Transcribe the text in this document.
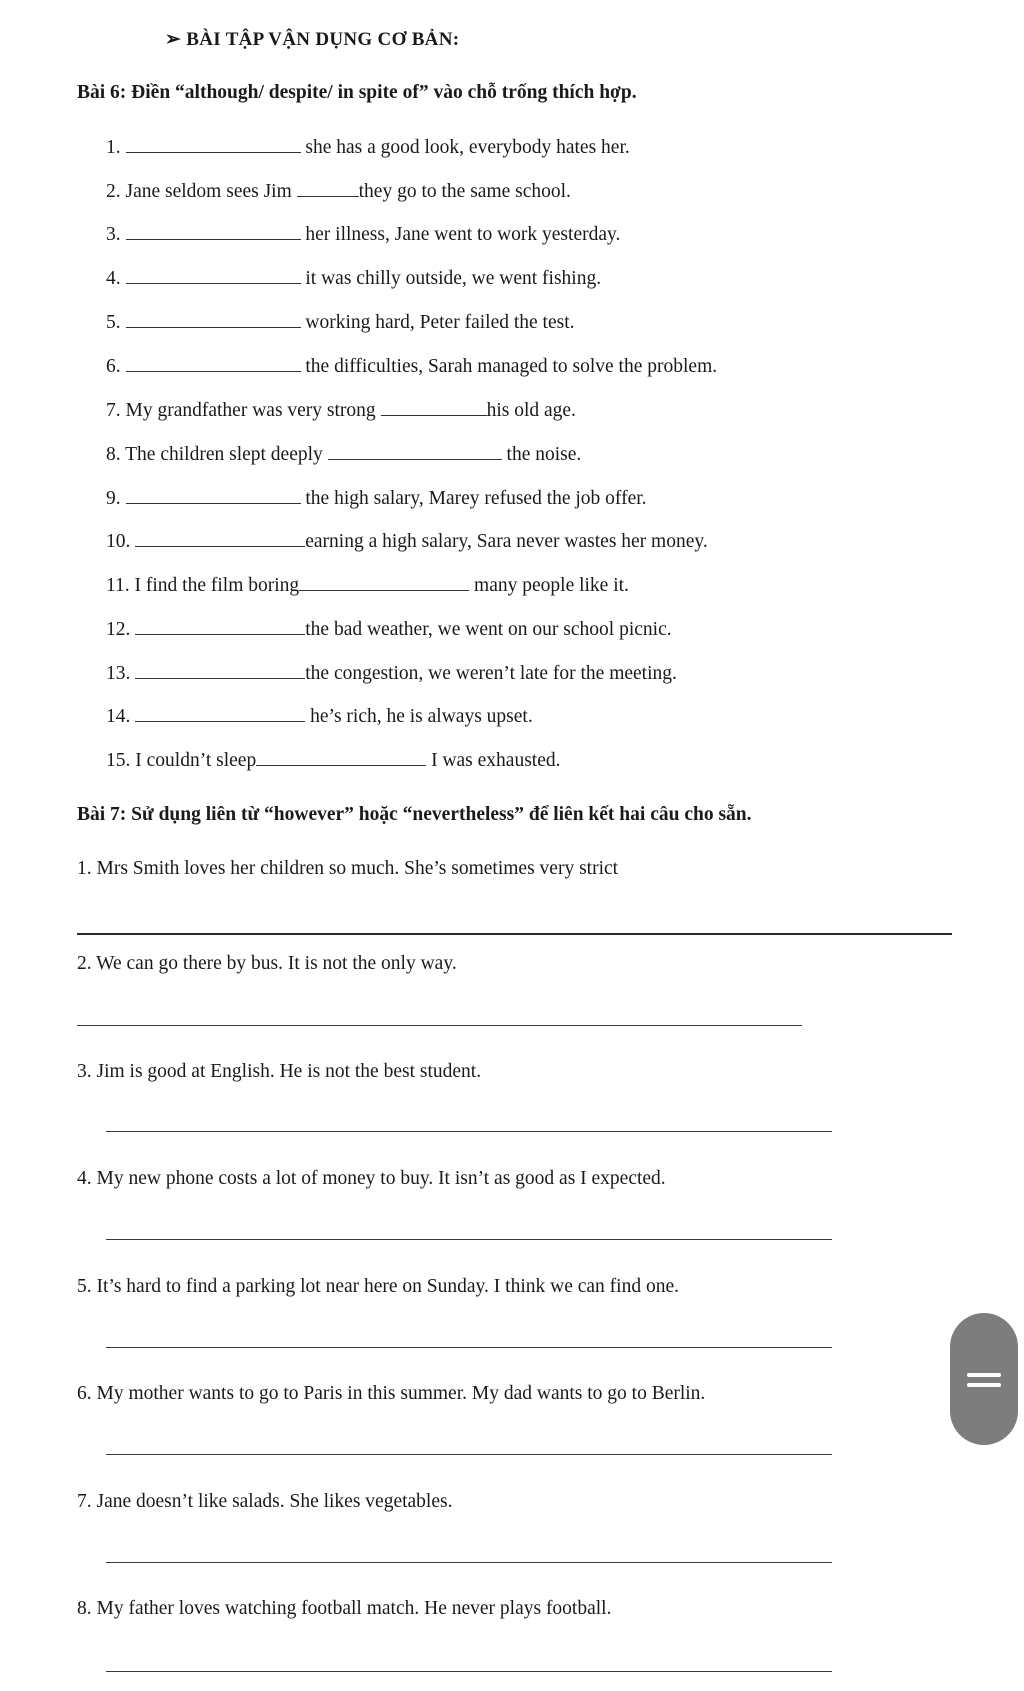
➢ BÀI TẬP VẬN DỤNG CƠ BẢN:
Bài 6: Điền “although/ despite/ in spite of” vào chỗ trống thích hợp.
1.	she has a good look, everybody hates her.
2. Jane seldom sees Jim	they go to the same school.
3.	her illness, Jane went to work yesterday.
4.	it was chilly outside, we went fishing.
5.	working hard, Peter failed the test.
6.	the difficulties, Sarah managed to solve the problem.
7. My grandfather was very strong	his old age.
8. The children slept deeply	the noise.
9.	the high salary, Marey refused the job offer.
10.	earning a high salary, Sara never wastes her money.
11. I find the film boring	many people like it.
12.	the bad weather, we went on our school picnic.
13.	the congestion, we weren’t late for the meeting.
14.	he’s rich, he is always upset.
15. I couldn’t sleep	I was exhausted.
Bài 7: Sử dụng liên từ “however” hoặc “nevertheless” để liên kết hai câu cho sẵn.
1. Mrs Smith loves her children so much. She’s sometimes very strict
2. We can go there by bus. It is not the only way.
3. Jim is good at English. He is not the best student.
4. My new phone costs a lot of money to buy. It isn’t as good as I expected.
5. It’s hard to find a parking lot near here on Sunday. I think we can find one.
6. My mother wants to go to Paris in this summer. My dad wants to go to Berlin.
7. Jane doesn’t like salads. She likes vegetables.
8. My father loves watching football match. He never plays football.
